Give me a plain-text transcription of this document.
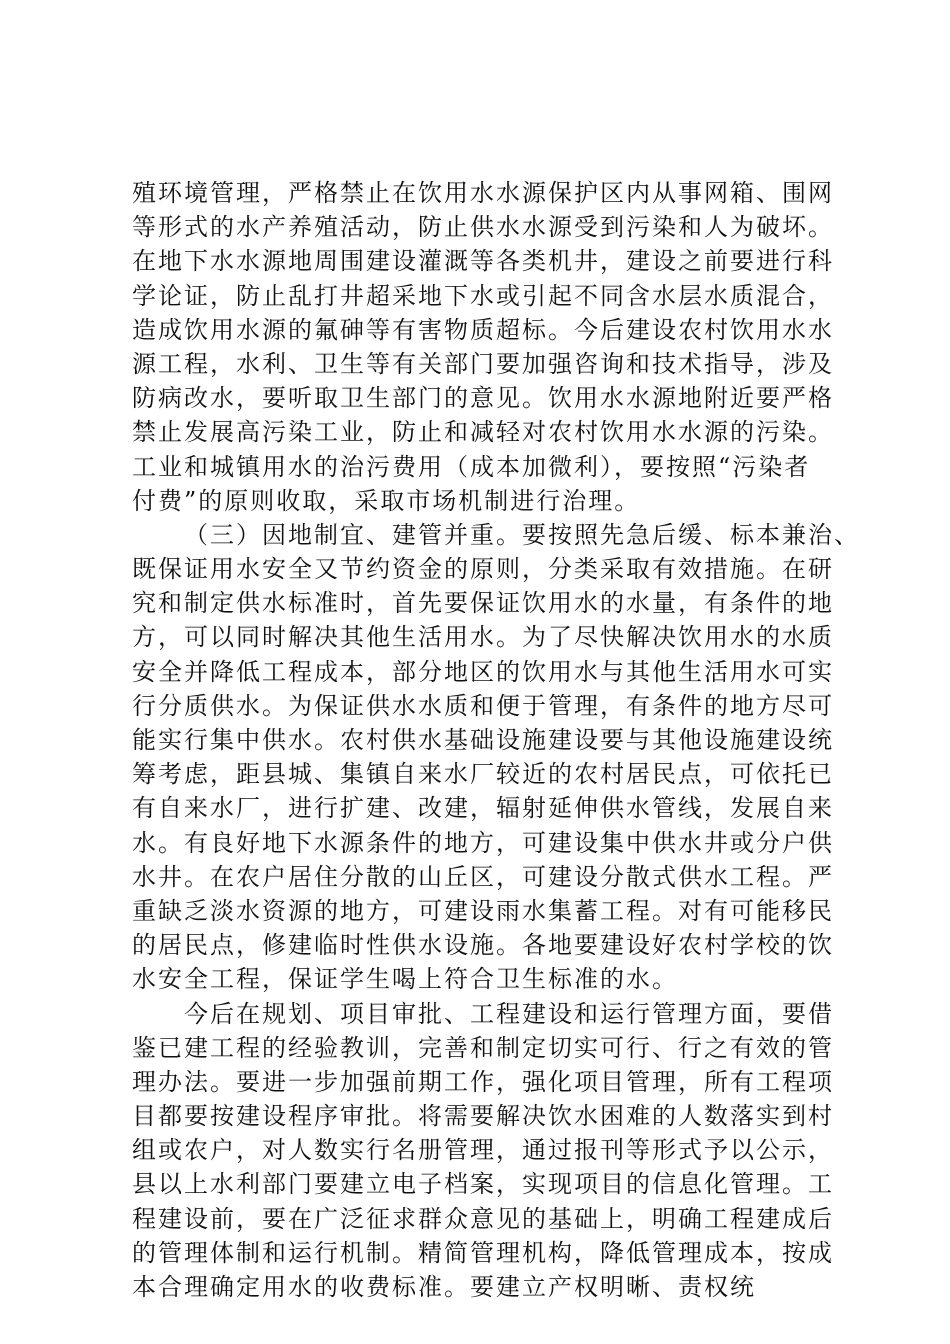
殖环境管理，严格禁止在饮用水水源保护区内从事网箱、围网
等形式的水产养殖活动，防止供水水源受到污染和人为破坏。
在地下水水源地周围建设灌溉等各类机井，建设之前要进行科
学论证，防止乱打井超采地下水或引起不同含水层水质混合，
造成饮用水源的氟砷等有害物质超标。今后建设农村饮用水水
源工程，水利、卫生等有关部门要加强咨询和技术指导，涉及
防病改水，要听取卫生部门的意见。饮用水水源地附近要严格
禁止发展高污染工业，防止和减轻对农村饮用水水源的污染。
工业和城镇用水的治污费用（成本加微利），要按照“污染者
付费”的原则收取，采取市场机制进行治理。
（三）因地制宜、建管并重。要按照先急后缓、标本兼治、
既保证用水安全又节约资金的原则，分类采取有效措施。在研
究和制定供水标准时，首先要保证饮用水的水量，有条件的地
方，可以同时解决其他生活用水。为了尽快解决饮用水的水质
安全并降低工程成本，部分地区的饮用水与其他生活用水可实
行分质供水。为保证供水水质和便于管理，有条件的地方尽可
能实行集中供水。农村供水基础设施建设要与其他设施建设统
筹考虑，距县城、集镇自来水厂较近的农村居民点，可依托已
有自来水厂，进行扩建、改建，辐射延伸供水管线，发展自来
水。有良好地下水源条件的地方，可建设集中供水井或分户供
水井。在农户居住分散的山丘区，可建设分散式供水工程。严
重缺乏淡水资源的地方，可建设雨水集蓄工程。对有可能移民
的居民点，修建临时性供水设施。各地要建设好农村学校的饮
水安全工程，保证学生喝上符合卫生标准的水。
今后在规划、项目审批、工程建设和运行管理方面，要借
鉴已建工程的经验教训，完善和制定切实可行、行之有效的管
理办法。要进一步加强前期工作，强化项目管理，所有工程项
目都要按建设程序审批。将需要解决饮水困难的人数落实到村
组或农户，对人数实行名册管理，通过报刊等形式予以公示，
县以上水利部门要建立电子档案，实现项目的信息化管理。工
程建设前，要在广泛征求群众意见的基础上，明确工程建成后
的管理体制和运行机制。精简管理机构，降低管理成本，按成
本合理确定用水的收费标准。要建立产权明晰、责权统
